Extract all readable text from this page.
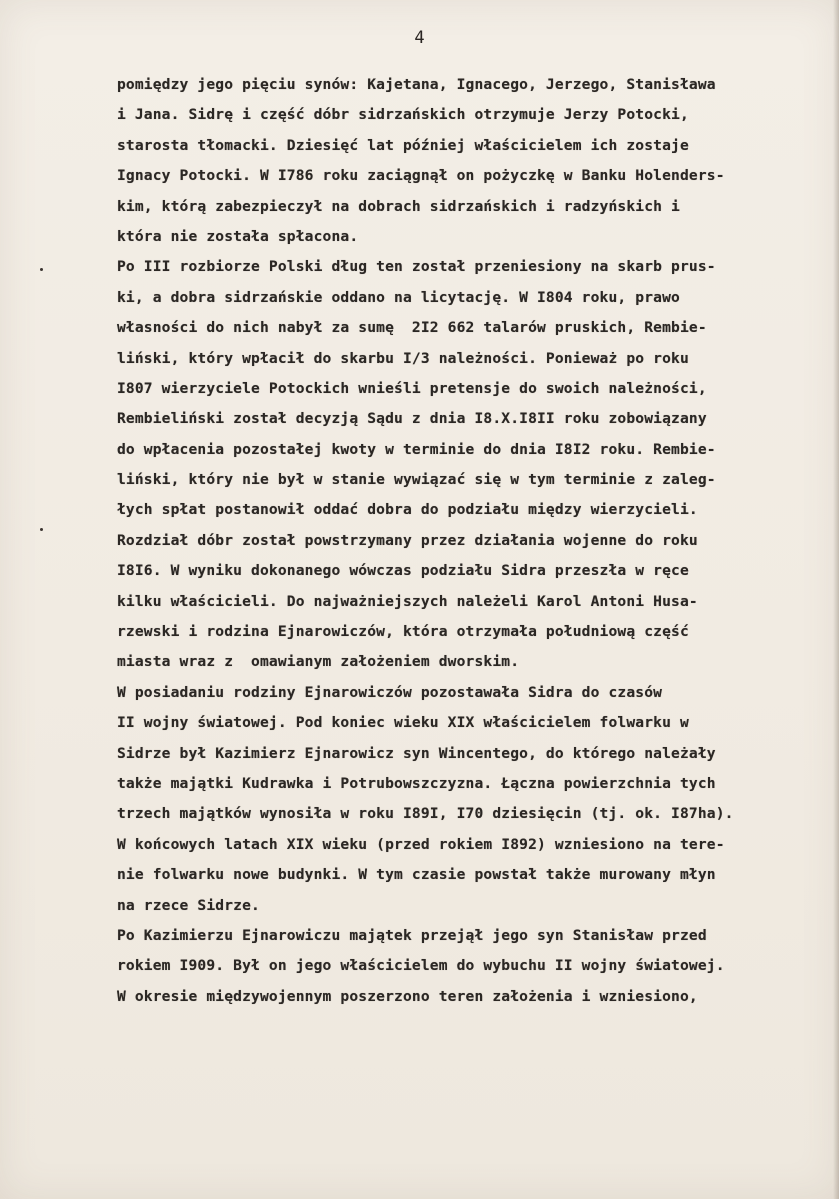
4
pomiędzy jego pięciu synów: Kajetana, Ignacego, Jerzego, Stanisława
i Jana. Sidrę i część dóbr sidrzańskich otrzymuje Jerzy Potocki,
starosta tłomacki. Dziesięć lat później właścicielem ich zostaje
Ignacy Potocki. W I786 roku zaciągnął on pożyczkę w Banku Holenders-
kim, którą zabezpieczył na dobrach sidrzańskich i radzyńskich i
która nie została spłacona.
Po III rozbiorze Polski dług ten został przeniesiony na skarb prus-
ki, a dobra sidrzańskie oddano na licytację. W I804 roku, prawo
własności do nich nabył za sumę  2I2 662 talarów pruskich, Rembie-
liński, który wpłacił do skarbu I/3 należności. Ponieważ po roku
I807 wierzyciele Potockich wnieśli pretensje do swoich należności,
Rembieliński został decyzją Sądu z dnia I8.X.I8II roku zobowiązany
do wpłacenia pozostałej kwoty w terminie do dnia I8I2 roku. Rembie-
liński, który nie był w stanie wywiązać się w tym terminie z zaleg-
łych spłat postanowił oddać dobra do podziału między wierzycieli.
Rozdział dóbr został powstrzymany przez działania wojenne do roku
I8I6. W wyniku dokonanego wówczas podziału Sidra przeszła w ręce
kilku właścicieli. Do najważniejszych należeli Karol Antoni Husa-
rzewski i rodzina Ejnarowiczów, która otrzymała południową część
miasta wraz z  omawianym założeniem dworskim.
W posiadaniu rodziny Ejnarowiczów pozostawała Sidra do czasów
II wojny światowej. Pod koniec wieku XIX właścicielem folwarku w
Sidrze był Kazimierz Ejnarowicz syn Wincentego, do którego należały
także majątki Kudrawka i Potrubowszczyzna. Łączna powierzchnia tych
trzech majątków wynosiła w roku I89I, I70 dziesięcin (tj. ok. I87ha).
W końcowych latach XIX wieku (przed rokiem I892) wzniesiono na tere-
nie folwarku nowe budynki. W tym czasie powstał także murowany młyn
na rzece Sidrze.
Po Kazimierzu Ejnarowiczu majątek przejął jego syn Stanisław przed
rokiem I909. Był on jego właścicielem do wybuchu II wojny światowej.
W okresie międzywojennym poszerzono teren założenia i wzniesiono,
